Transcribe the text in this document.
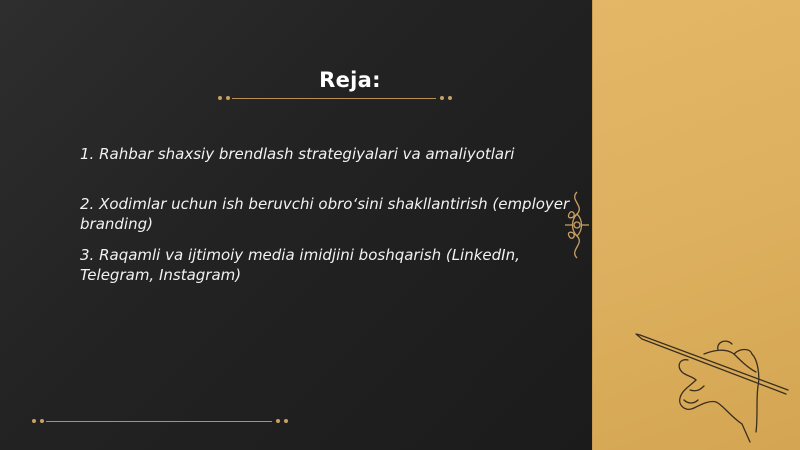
Reja:
1. Rahbar shaxsiy brendlash strategiyalari va amaliyotlari
2. Xodimlar uchun ish beruvchi obro‘sini shakllantirish (employer branding)
3. Raqamli va ijtimoiy media imidjini boshqarish (LinkedIn, Telegram, Instagram)
